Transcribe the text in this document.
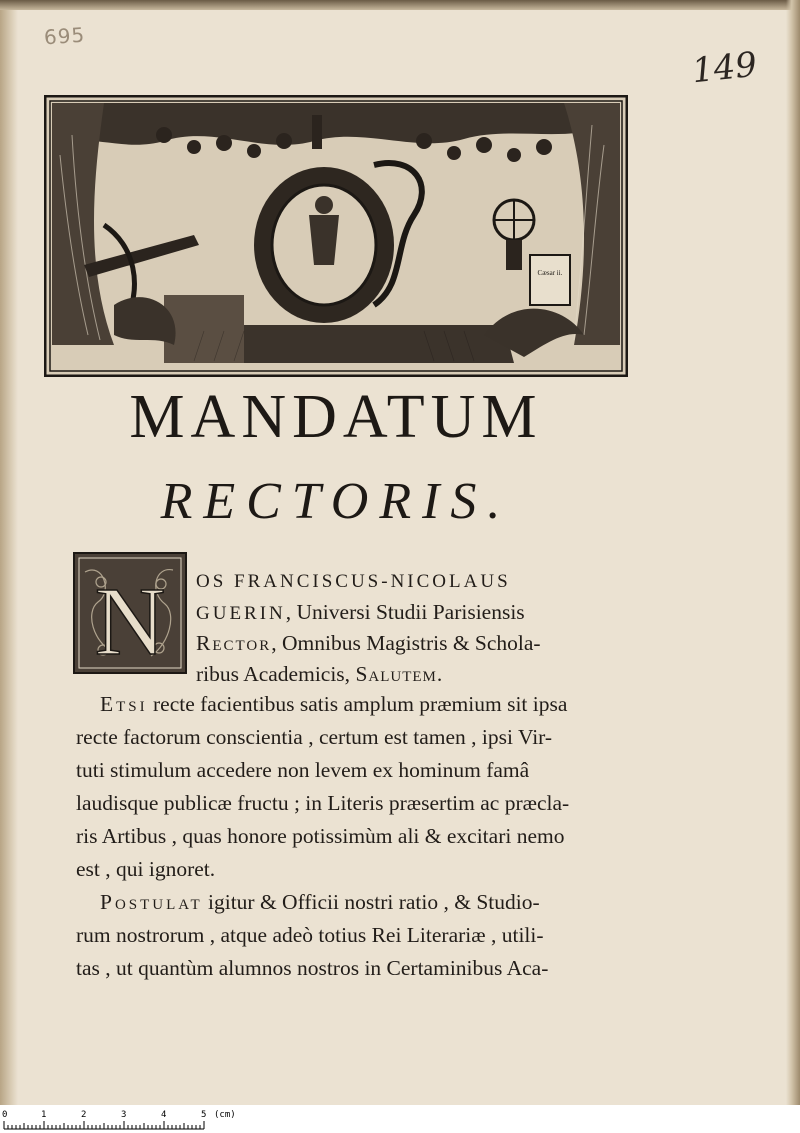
695
149
Cæsar ii.
MANDATUM
RECTORIS.
N OS FRANCISCUS-NICOLAUS
GUERIN, Universi Studii Parisiensis
Rector, Omnibus Magistris & Schola-
ribus Academicis, Salutem.
Etsi recte facientibus satis amplum præmium sit ipsa
recte factorum conscientia , certum est tamen , ipsi Vir-
tuti stimulum accedere non levem ex hominum famâ
laudisque publicæ fructu ; in Literis præsertim ac præcla-
ris Artibus , quas honore potissimùm ali & excitari nemo
est , qui ignoret.
Postulat igitur & Officii nostri ratio , & Studio-
rum nostrorum , atque adeò totius Rei Literariæ , utili-
tas , ut quantùm alumnos nostros in Certaminibus Aca-
0	1	2	3	4	5 (cm)
